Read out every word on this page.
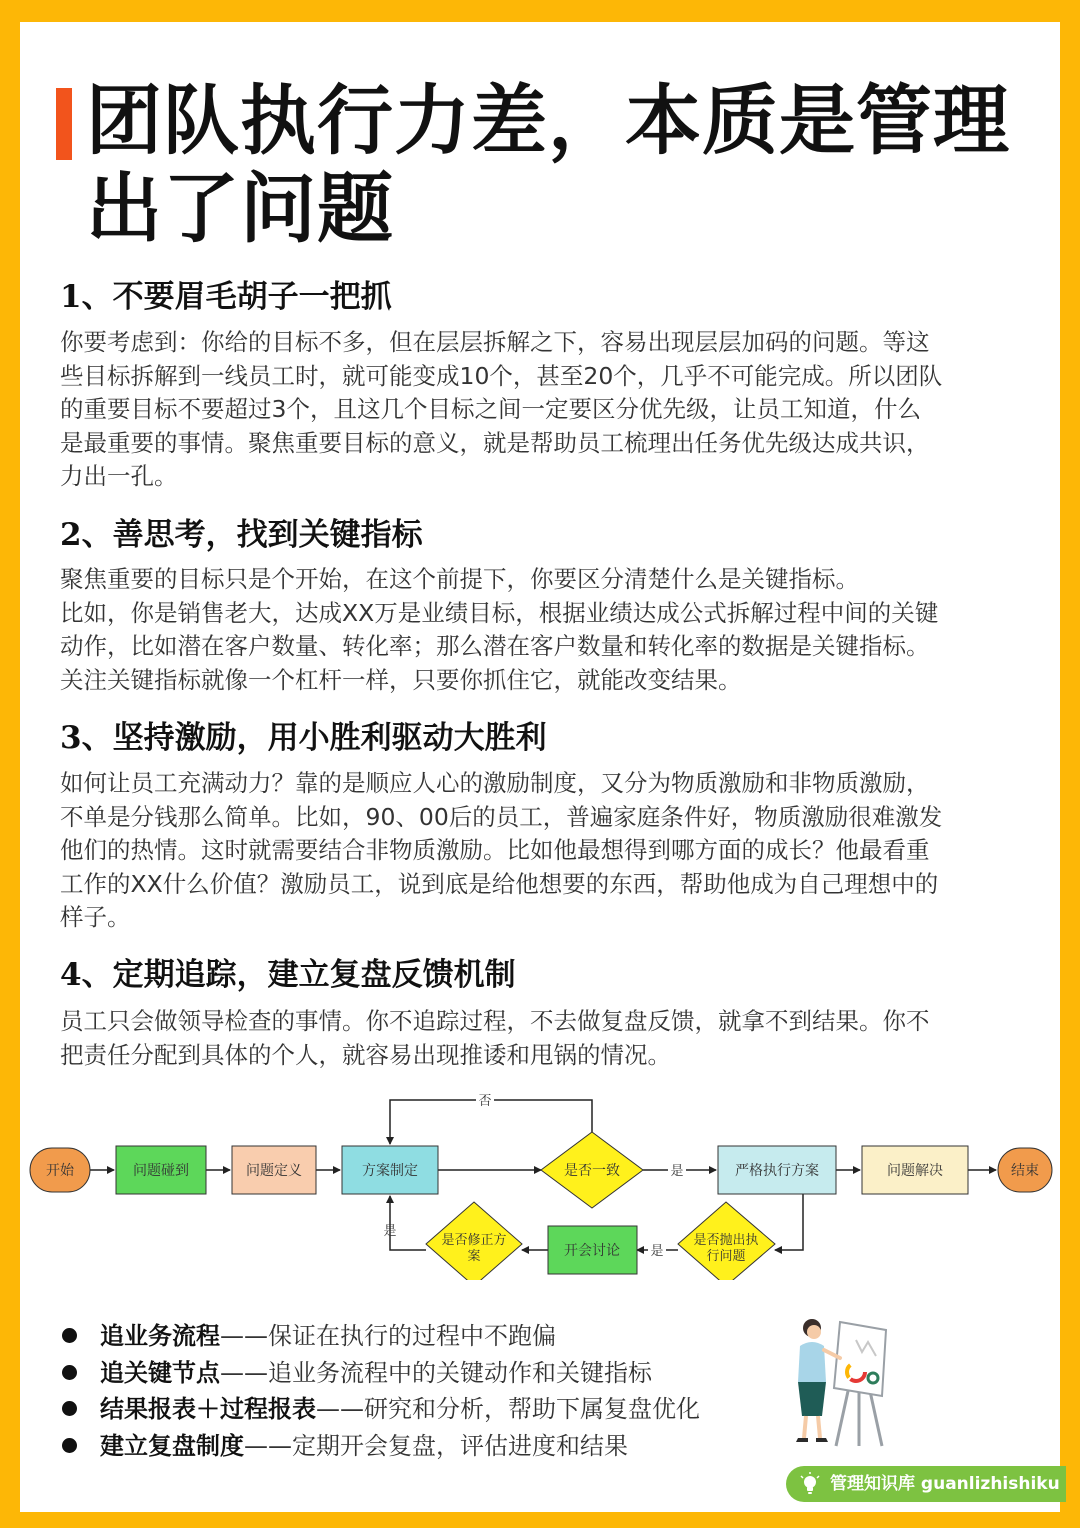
团队执行力差，本质是管理
出了问题
1、不要眉毛胡子一把抓

你要考虑到：你给的目标不多，但在层层拆解之下，容易出现层层加码的问题。等这

些目标拆解到一线员工时，就可能变成10个，甚至20个，几乎不可能完成。所以团队

的重要目标不要超过3个，且这几个目标之间一定要区分优先级，让员工知道，什么

是最重要的事情。聚焦重要目标的意义，就是帮助员工梳理出任务优先级达成共识，

力出一孔。

2、善思考，找到关键指标

聚焦重要的目标只是个开始，在这个前提下，你要区分清楚什么是关键指标。

比如，你是销售老大，达成XX万是业绩目标，根据业绩达成公式拆解过程中间的关键

动作，比如潜在客户数量、转化率；那么潜在客户数量和转化率的数据是关键指标。

关注关键指标就像一个杠杆一样，只要你抓住它，就能改变结果。

3、坚持激励，用小胜利驱动大胜利

如何让员工充满动力？靠的是顺应人心的激励制度，又分为物质激励和非物质激励，

不单是分钱那么简单。比如，90、00后的员工，普遍家庭条件好，物质激励很难激发

他们的热情。这时就需要结合非物质激励。比如他最想得到哪方面的成长？他最看重

工作的XX什么价值？激励员工，说到底是给他想要的东西，帮助他成为自己理想中的

样子。

4、定期追踪，建立复盘反馈机制

员工只会做领导检查的事情。你不追踪过程，不去做复盘反馈，就拿不到结果。你不

把责任分配到具体的个人，就容易出现推诿和甩锅的情况。

否
是
是
是
开始	问题碰到	问题定义	方案制定	是否一致	严格执行方案	问题解决	结束
是否抛出执
行问题
开会讨论
是否修正方
案
追业务流程——保证在执行的过程中不跑偏
追关键节点——追业务流程中的关键动作和关键指标
结果报表＋过程报表——研究和分析，帮助下属复盘优化
建立复盘制度——定期开会复盘，评估进度和结果
管理知识库 guanlizhishiku
